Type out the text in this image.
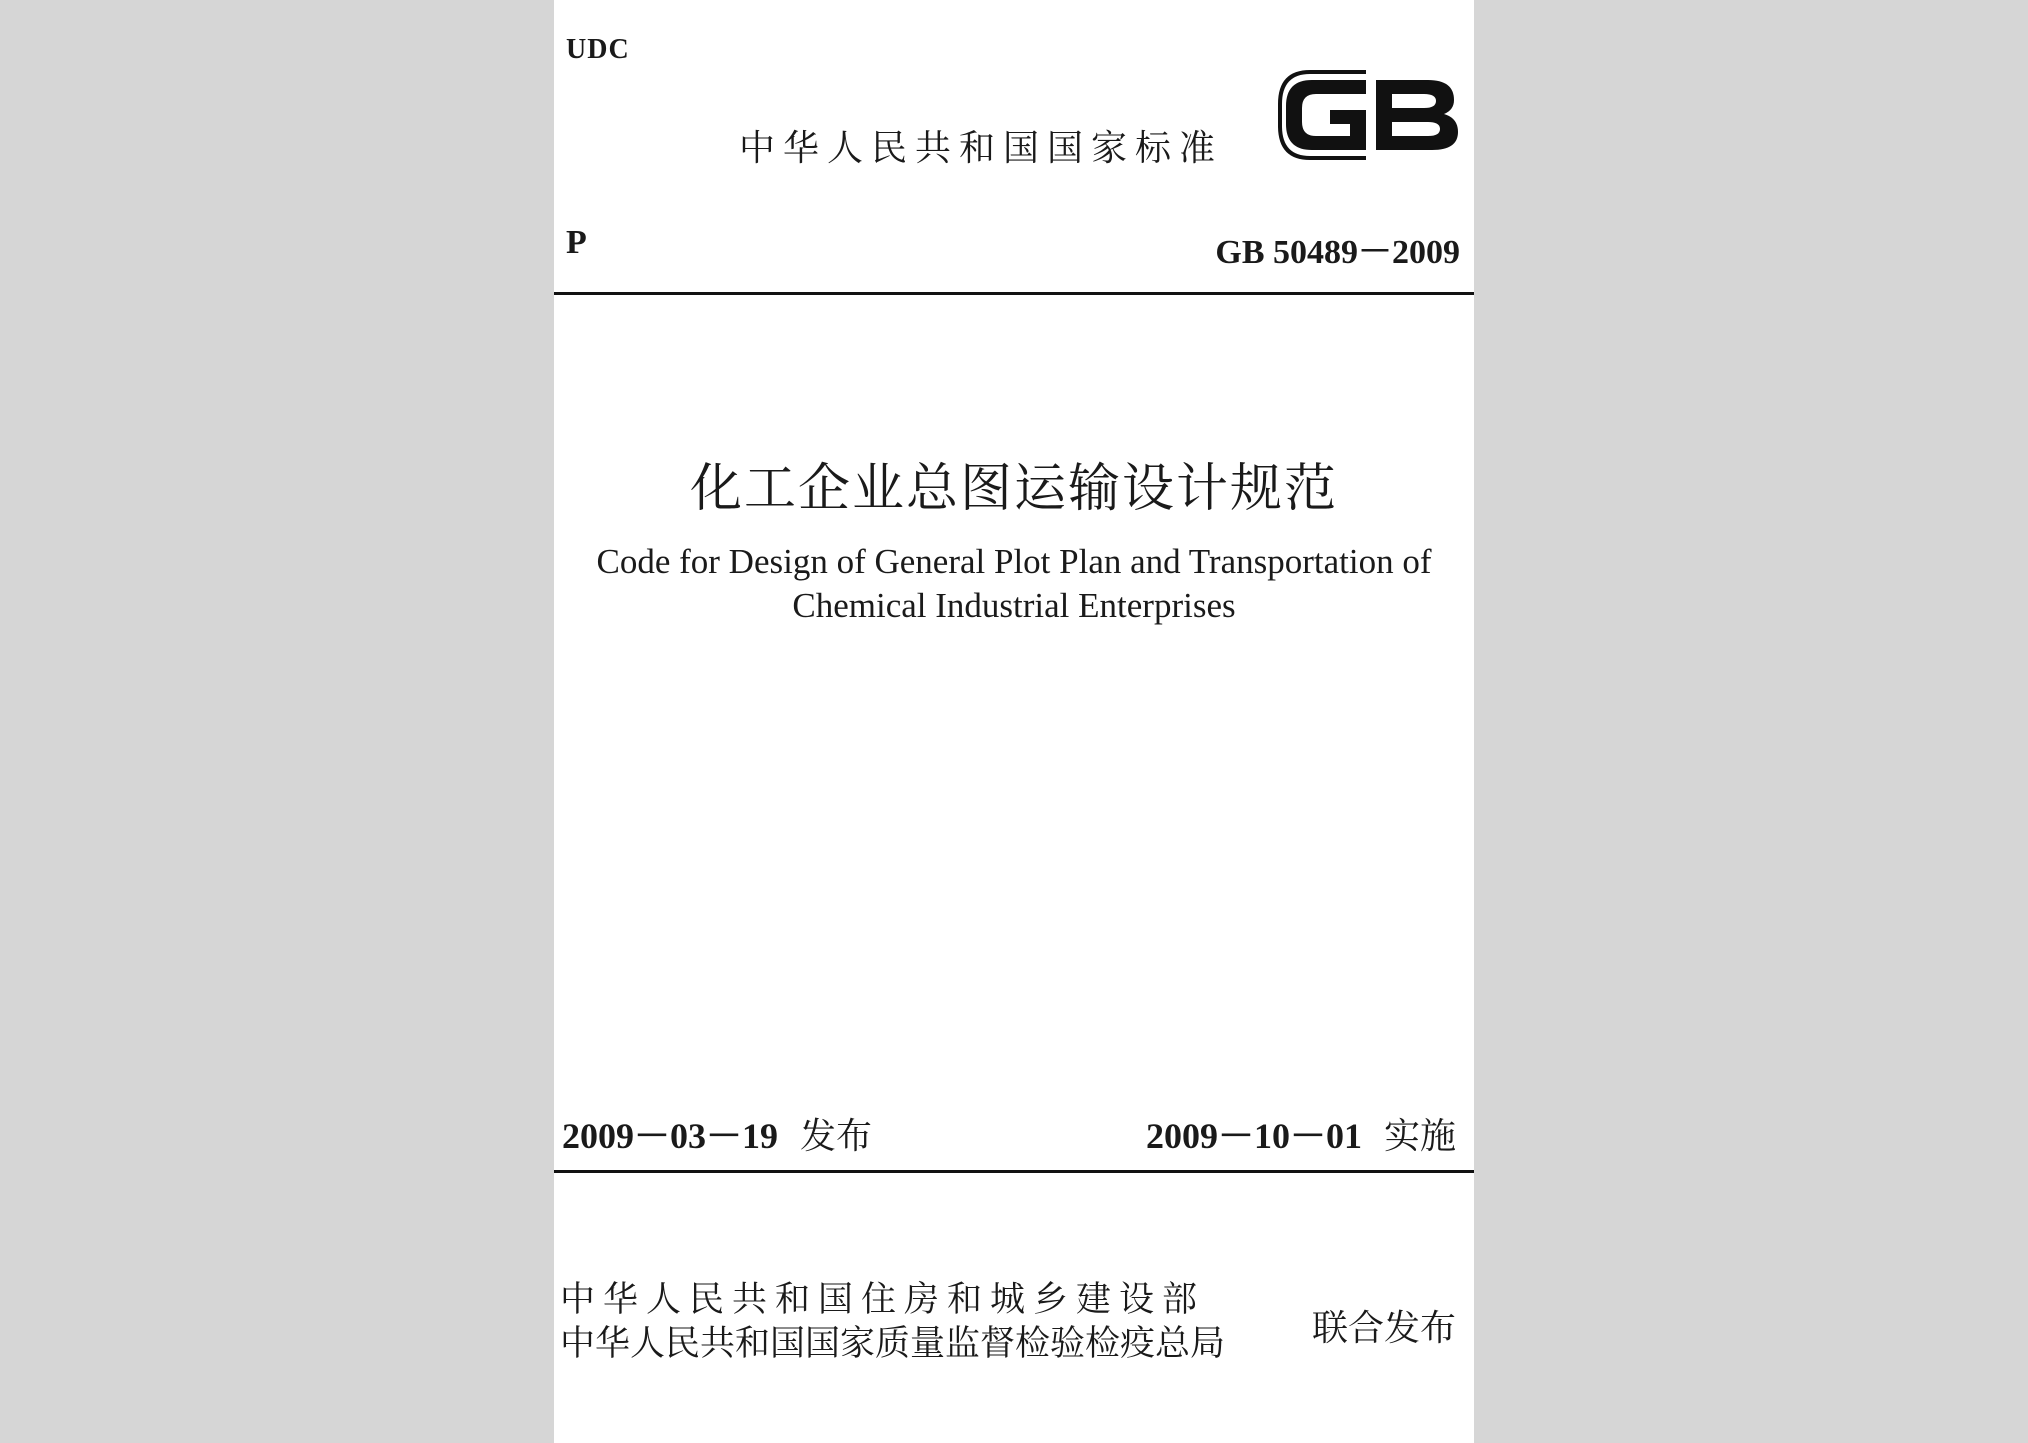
UDC
中华人民共和国国家标准
P	GB 50489－2009
化工企业总图运输设计规范
Code for Design of General Plot Plan and Transportation of
Chemical Industrial Enterprises
2009－03－19 发布	2009－10－01 实施
中华人民共和国住房和城乡建设部
中华人民共和国国家质量监督检验检疫总局 联合发布
